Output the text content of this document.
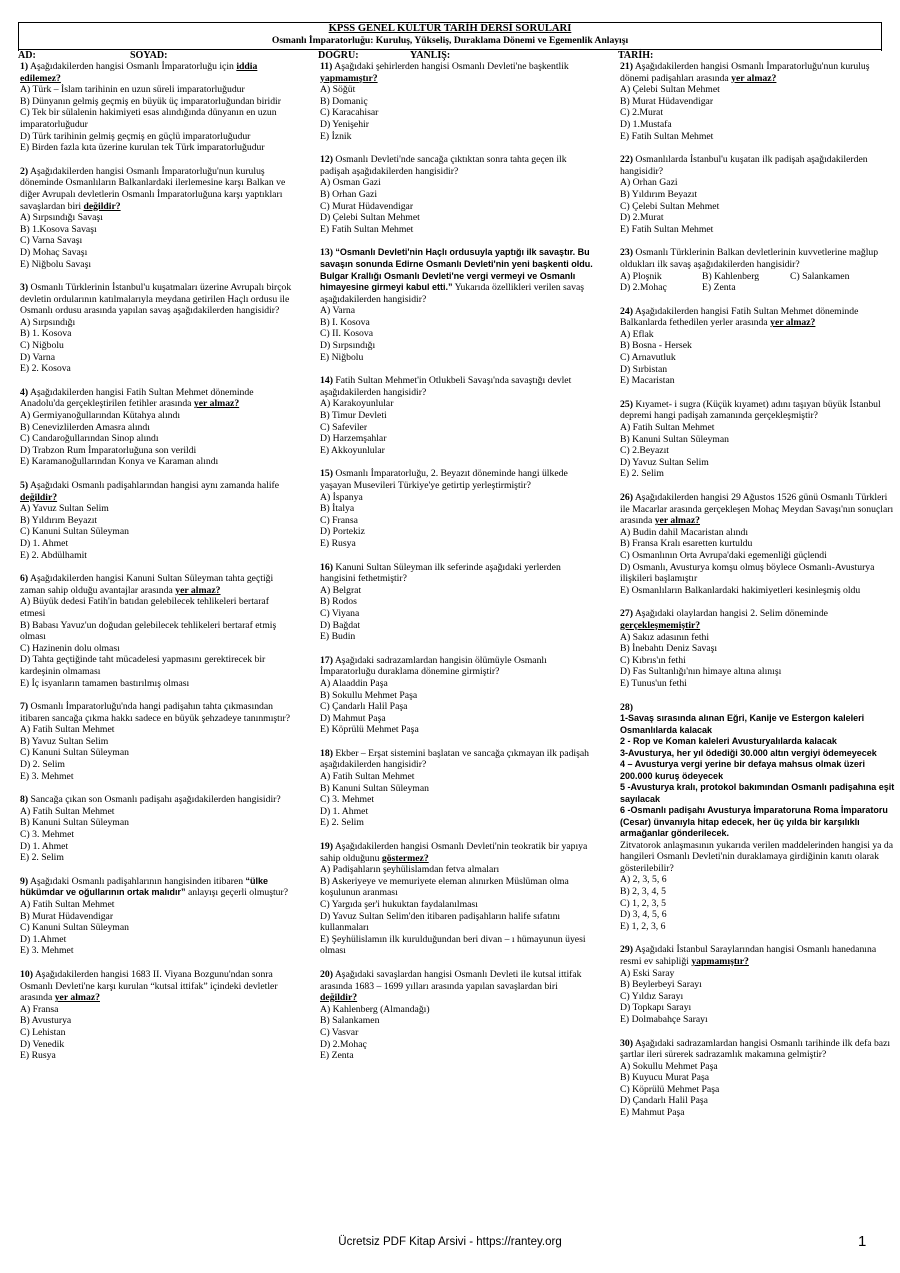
KPSS GENEL KÜLTÜR TARİH DERSİ SORULARI
Osmanlı İmparatorluğu: Kuruluş, Yükseliş, Duraklama Dönemi ve Egemenlik Anlayışı
AD:	SOYAD:	DOĞRU:	YANLIŞ:	TARİH:
1) Aşağıdakilerden hangisi Osmanlı İmparatorluğu için iddia edilemez?
A) Türk – İslam tarihinin en uzun süreli imparatorluğudur
B) Dünyanın gelmiş geçmiş en büyük üç imparatorluğundan biridir
C) Tek bir sülalenin hakimiyeti esas alındığında dünyanın en uzun imparatorluğudur
D) Türk tarihinin gelmiş geçmiş en güçlü imparatorluğudur
E) Birden fazla kıta üzerine kurulan tek Türk imparatorluğudur
2) Aşağıdakilerden hangisi Osmanlı İmparatorluğu'nun kuruluş döneminde Osmanlıların Balkanlardaki ilerlemesine karşı Balkan ve diğer Avrupalı devletlerin Osmanlı İmparatorluğuna karşı yaptıkları savaşlardan biri değildir?
A) Sırpsındığı Savaşı
B) 1.Kosova Savaşı
C) Varna Savaşı
D) Mohaç Savaşı
E) Niğbolu Savaşı
3) Osmanlı Türklerinin İstanbul'u kuşatmaları üzerine Avrupalı birçok devletin ordularının katılmalarıyla meydana getirilen Haçlı ordusu ile Osmanlı ordusu arasında yapılan savaş aşağıdakilerden hangisidir?
A) Sırpsındığı
B) 1. Kosova
C) Niğbolu
D) Varna
E) 2. Kosova
4) Aşağıdakilerden hangisi Fatih Sultan Mehmet döneminde Anadolu'da gerçekleştirilen fetihler arasında yer almaz?
A) Germiyanoğullarından Kütahya alındı
B) Cenevizlilerden Amasra alındı
C) Candaroğullarından Sinop alındı
D) Trabzon Rum İmparatorluğuna son verildi
E) Karamanoğullarından Konya ve Karaman alındı
5) Aşağıdaki Osmanlı padişahlarından hangisi aynı zamanda halife değildir?
A) Yavuz Sultan Selim
B) Yıldırım Beyazıt
C) Kanuni Sultan Süleyman
D) 1. Ahmet
E) 2. Abdülhamit
6) Aşağıdakilerden hangisi Kanuni Sultan Süleyman tahta geçtiği zaman sahip olduğu avantajlar arasında yer almaz?
A) Büyük dedesi Fatih'in batıdan gelebilecek tehlikeleri bertaraf etmesi
B) Babası Yavuz'un doğudan gelebilecek tehlikeleri bertaraf etmiş olması
C) Hazinenin dolu olması
D) Tahta geçtiğinde taht mücadelesi yapmasını gerektirecek bir kardeşinin olmaması
E) İç isyanların tamamen bastırılmış olması
7) Osmanlı İmparatorluğu'nda hangi padişahın tahta çıkmasından itibaren sancağa çıkma hakkı sadece en büyük şehzadeye tanınmıştır?
A) Fatih Sultan Mehmet
B) Yavuz Sultan Selim
C) Kanuni Sultan Süleyman
D) 2. Selim
E) 3. Mehmet
8) Sancağa çıkan son Osmanlı padişahı aşağıdakilerden hangisidir?
A) Fatih Sultan Mehmet
B) Kanuni Sultan Süleyman
C) 3. Mehmet
D) 1. Ahmet
E) 2. Selim
9) Aşağıdaki Osmanlı padişahlarının hangisinden itibaren “ülke hükümdar ve oğullarının ortak malıdır” anlayışı geçerli olmuştur?
A) Fatih Sultan Mehmet
B) Murat Hüdavendigar
C) Kanuni Sultan Süleyman
D) 1.Ahmet
E) 3. Mehmet
10) Aşağıdakilerden hangisi 1683 II. Viyana Bozgunu'ndan sonra Osmanlı Devleti'ne karşı kurulan “kutsal ittifak” içindeki devletler arasında yer almaz?
A) Fransa
B) Avusturya
C) Lehistan
D) Venedik
E) Rusya
11) Aşağıdaki şehirlerden hangisi Osmanlı Devleti'ne başkentlik yapmamıştır?
A) Söğüt
B) Domaniç
C) Karacahisar
D) Yenişehir
E) İznik
12) Osmanlı Devleti'nde sancağa çıktıktan sonra tahta geçen ilk padişah aşağıdakilerden hangisidir?
A) Osman Gazi
B) Orhan Gazi
C) Murat Hüdavendigar
D) Çelebi Sultan Mehmet
E) Fatih Sultan Mehmet
13) “Osmanlı Devleti'nin Haçlı ordusuyla yaptığı ilk savaştır. Bu savaşın sonunda Edirne Osmanlı Devleti'nin yeni başkenti oldu. Bulgar Krallığı Osmanlı Devleti'ne vergi vermeyi ve Osmanlı himayesine girmeyi kabul etti.” Yukarıda özellikleri verilen savaş aşağıdakilerden hangisidir?
A) Varna
B) I. Kosova
C) II. Kosova
D) Sırpsındığı
E) Niğbolu
14) Fatih Sultan Mehmet'in Otlukbeli Savaşı'nda savaştığı devlet aşağıdakilerden hangisidir?
A) Karakoyunlular
B) Timur Devleti
C) Safeviler
D) Harzemşahlar
E) Akkoyunlular
15) Osmanlı İmparatorluğu, 2. Beyazıt döneminde hangi ülkede yaşayan Musevileri Türkiye'ye getirtip yerleştirmiştir?
A) İspanya
B) İtalya
C) Fransa
D) Portekiz
E) Rusya
16) Kanuni Sultan Süleyman ilk seferinde aşağıdaki yerlerden hangisini fethetmiştir?
A) Belgrat
B) Rodos
C) Viyana
D) Bağdat
E) Budin
17) Aşağıdaki sadrazamlardan hangisin ölümüyle Osmanlı İmparatorluğu duraklama dönemine girmiştir?
A) Alaaddin Paşa
B) Sokullu Mehmet Paşa
C) Çandarlı Halil Paşa
D) Mahmut Paşa
E) Köprülü Mehmet Paşa
18) Ekber – Erşat sistemini başlatan ve sancağa çıkmayan ilk padişah aşağıdakilerden hangisidir?
A) Fatih Sultan Mehmet
B) Kanuni Sultan Süleyman
C) 3. Mehmet
D) 1. Ahmet
E) 2. Selim
19) Aşağıdakilerden hangisi Osmanlı Devleti'nin teokratik bir yapıya sahip olduğunu göstermez?
A) Padişahların şeyhülislamdan fetva almaları
B) Askeriyeye ve memuriyete eleman alınırken Müslüman olma koşulunun aranması
C) Yargıda şer'i hukuktan faydalanılması
D) Yavuz Sultan Selim'den itibaren padişahların halife sıfatını kullanmaları
E) Şeyhülislamın ilk kurulduğundan beri divan – ı hümayunun üyesi olması
20) Aşağıdaki savaşlardan hangisi Osmanlı Devleti ile kutsal ittifak arasında 1683 – 1699 yılları arasında yapılan savaşlardan biri değildir?
A) Kahlenberg (Almandağı)
B) Salankamen
C) Vasvar
D) 2.Mohaç
E) Zenta
21) Aşağıdakilerden hangisi Osmanlı İmparatorluğu'nun kuruluş dönemi padişahları arasında yer almaz?
A) Çelebi Sultan Mehmet
B) Murat Hüdavendigar
C) 2.Murat
D) 1.Mustafa
E) Fatih Sultan Mehmet
22) Osmanlılarda İstanbul'u kuşatan ilk padişah aşağıdakilerden hangisidir?
A) Orhan Gazi
B) Yıldırım Beyazıt
C) Çelebi Sultan Mehmet
D) 2.Murat
E) Fatih Sultan Mehmet
23) Osmanlı Türklerinin Balkan devletlerinin kuvvetlerine mağlup oldukları ilk savaş aşağıdakilerden hangisidir?
A) Ploşnik	B) Kahlenberg	C) Salankamen
D) 2.Mohaç	E) Zenta
24) Aşağıdakilerden hangisi Fatih Sultan Mehmet döneminde Balkanlarda fethedilen yerler arasında yer almaz?
A) Eflak
B) Bosna - Hersek
C) Arnavutluk
D) Sırbistan
E) Macaristan
25) Kıyamet- i sugra (Küçük kıyamet) adını taşıyan büyük İstanbul depremi hangi padişah zamanında gerçekleşmiştir?
A) Fatih Sultan Mehmet
B) Kanuni Sultan Süleyman
C) 2.Beyazıt
D) Yavuz Sultan Selim
E) 2. Selim
26) Aşağıdakilerden hangisi 29 Ağustos 1526 günü Osmanlı Türkleri ile Macarlar arasında gerçekleşen Mohaç Meydan Savaşı'nın sonuçları arasında yer almaz?
A) Budin dahil Macaristan alındı
B) Fransa Kralı esaretten kurtuldu
C) Osmanlının Orta Avrupa'daki egemenliği güçlendi
D) Osmanlı, Avusturya komşu olmuş böylece Osmanlı-Avusturya ilişkileri başlamıştır
E) Osmanlıların Balkanlardaki hakimiyetleri kesinleşmiş oldu
27) Aşağıdaki olaylardan hangisi 2. Selim döneminde gerçekleşmemiştir?
A) Sakız adasının fethi
B) İnebahtı Deniz Savaşı
C) Kıbrıs'ın fethi
D) Fas Sultanlığı'nın himaye altına alınışı
E) Tunus'un fethi
28)
1-Savaş sırasında alınan Eğri, Kanije ve Estergon kaleleri Osmanlılarda kalacak
2 - Rop ve Koman kaleleri Avusturyalılarda kalacak
3-Avusturya, her yıl ödediği 30.000 altın vergiyi ödemeyecek
4 – Avusturya vergi yerine bir defaya mahsus olmak üzeri 200.000 kuruş ödeyecek
5 -Avusturya kralı, protokol bakımından Osmanlı padişahına eşit sayılacak
6 -Osmanlı padişahı Avusturya İmparatoruna Roma İmparatoru (Cesar) ünvanıyla hitap edecek, her üç yılda bir karşılıklı armağanlar gönderilecek.
Zitvatorok anlaşmasının yukarıda verilen maddelerinden hangisi ya da hangileri Osmanlı Devleti'nin duraklamaya girdiğinin kanıtı olarak gösterilebilir?
A) 2, 3, 5, 6
B) 2, 3, 4, 5
C) 1, 2, 3, 5
D) 3, 4, 5, 6
E) 1, 2, 3, 6
29) Aşağıdaki İstanbul Saraylarından hangisi Osmanlı hanedanına resmi ev sahipliği yapmamıştır?
A) Eski Saray
B) Beylerbeyi Sarayı
C) Yıldız Sarayı
D) Topkapı Sarayı
E) Dolmabahçe Sarayı
30) Aşağıdaki sadrazamlardan hangisi Osmanlı tarihinde ilk defa bazı şartlar ileri sürerek sadrazamlık makamına gelmiştir?
A) Sokullu Mehmet Paşa
B) Kuyucu Murat Paşa
C) Köprülü Mehmet Paşa
D) Çandarlı Halil Paşa
E) Mahmut Paşa
Ücretsiz PDF Kitap Arsivi - https://rantey.org	1
